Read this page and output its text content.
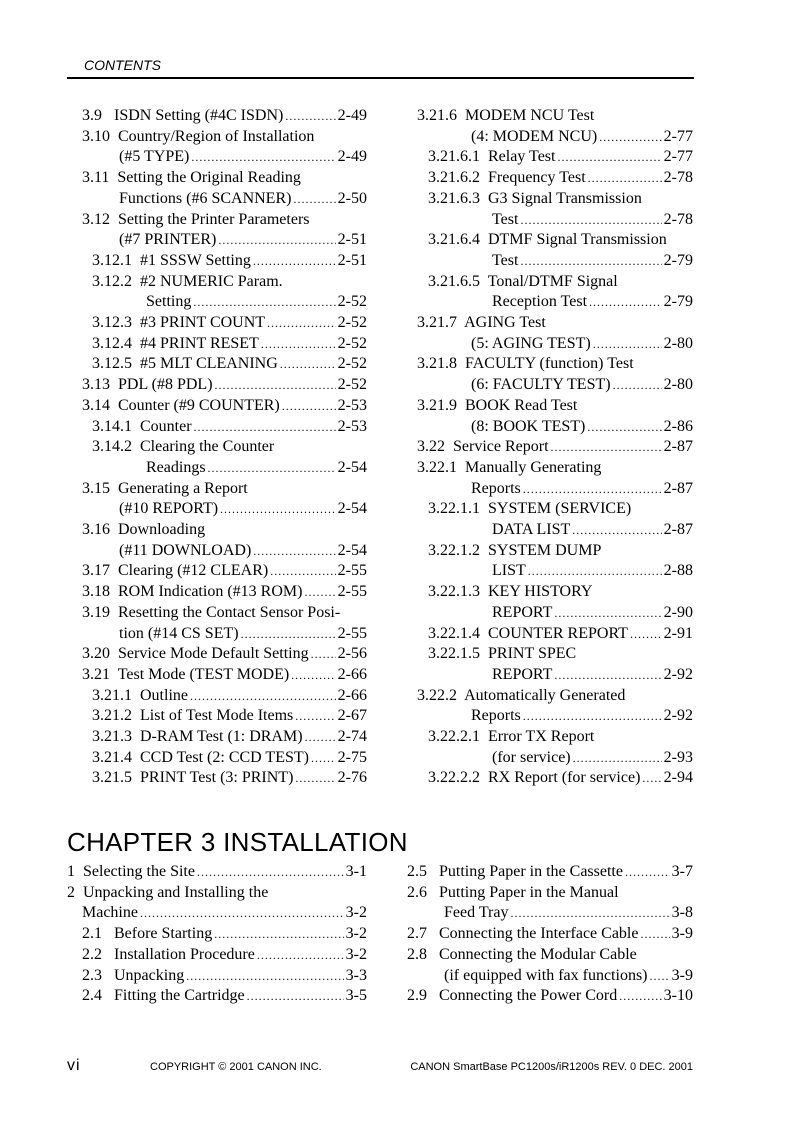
CONTENTS
3.9   ISDN Setting (#4C ISDN) .....	2-49
3.10  Country/Region of Installation
(#5 TYPE) .....	2-49
3.11  Setting the Original Reading
Functions (#6 SCANNER) .....	2-50
3.12  Setting the Printer Parameters
(#7 PRINTER) .....	2-51
3.12.1  #1 SSSW Setting .....	2-51
3.12.2  #2 NUMERIC Param.
Setting .....	2-52
3.12.3  #3 PRINT COUNT .....	2-52
3.12.4  #4 PRINT RESET .....	2-52
3.12.5  #5 MLT CLEANING .....	2-52
3.13  PDL (#8 PDL) .....	2-52
3.14  Counter (#9 COUNTER) .....	2-53
3.14.1  Counter .....	2-53
3.14.2  Clearing the Counter
Readings .....	2-54
3.15  Generating a Report
(#10 REPORT) .....	2-54
3.16  Downloading
(#11 DOWNLOAD) .....	2-54
3.17  Clearing (#12 CLEAR) .....	2-55
3.18  ROM Indication (#13 ROM) ..... 2-55
3.19  Resetting the Contact Sensor Posi-
tion (#14 CS SET) .....	2-55
3.20  Service Mode Default Setting ..... 2-56
3.21  Test Mode (TEST MODE) .....	2-66
3.21.1  Outline .....	2-66
3.21.2  List of Test Mode Items .....	2-67
3.21.3  D-RAM Test (1: DRAM) ..... 2-74
3.21.4  CCD Test (2: CCD TEST) ..... 2-75
3.21.5  PRINT Test (3: PRINT) .....	2-76
3.21.6  MODEM NCU Test
(4: MODEM NCU) .....	2-77
3.21.6.1  Relay Test .....	2-77
3.21.6.2  Frequency Test .....	2-78
3.21.6.3  G3 Signal Transmission
Test .....	2-78
3.21.6.4  DTMF Signal Transmission
Test .....	2-79
3.21.6.5  Tonal/DTMF Signal
Reception Test .....	2-79
3.21.7  AGING Test
(5: AGING TEST) .....	2-80
3.21.8  FACULTY (function) Test
(6: FACULTY TEST) .....	2-80
3.21.9  BOOK Read Test
(8: BOOK TEST) .....	2-86
3.22  Service Report .....	2-87
3.22.1  Manually Generating
Reports .....	2-87
3.22.1.1  SYSTEM (SERVICE)
DATA LIST .....	2-87
3.22.1.2  SYSTEM DUMP
LIST .....	2-88
3.22.1.3  KEY HISTORY
REPORT .....	2-90
3.22.1.4  COUNTER REPORT ..... 2-91
3.22.1.5  PRINT SPEC
REPORT .....	2-92
3.22.2  Automatically Generated
Reports .....	2-92
3.22.2.1  Error TX Report
(for service) .....	2-93
3.22.2.2  RX Report (for service) ..... 2-94
CHAPTER 3 INSTALLATION
1  Selecting the Site .....	3-1
2  Unpacking and Installing the
Machine .....	3-2
2.1   Before Starting .....	3-2
2.2   Installation Procedure .....	3-2
2.3   Unpacking .....	3-3
2.4   Fitting the Cartridge .....	3-5
2.5   Putting Paper in the Cassette .....	3-7
2.6   Putting Paper in the Manual
Feed Tray .....	3-8
2.7   Connecting the Interface Cable ..... 3-9
2.8   Connecting the Modular Cable
(if equipped with fax functions) ..... 3-9
2.9   Connecting the Power Cord .....	3-10
vi	COPYRIGHT © 2001 CANON INC.	CANON SmartBase PC1200s/iR1200s REV. 0 DEC. 2001
